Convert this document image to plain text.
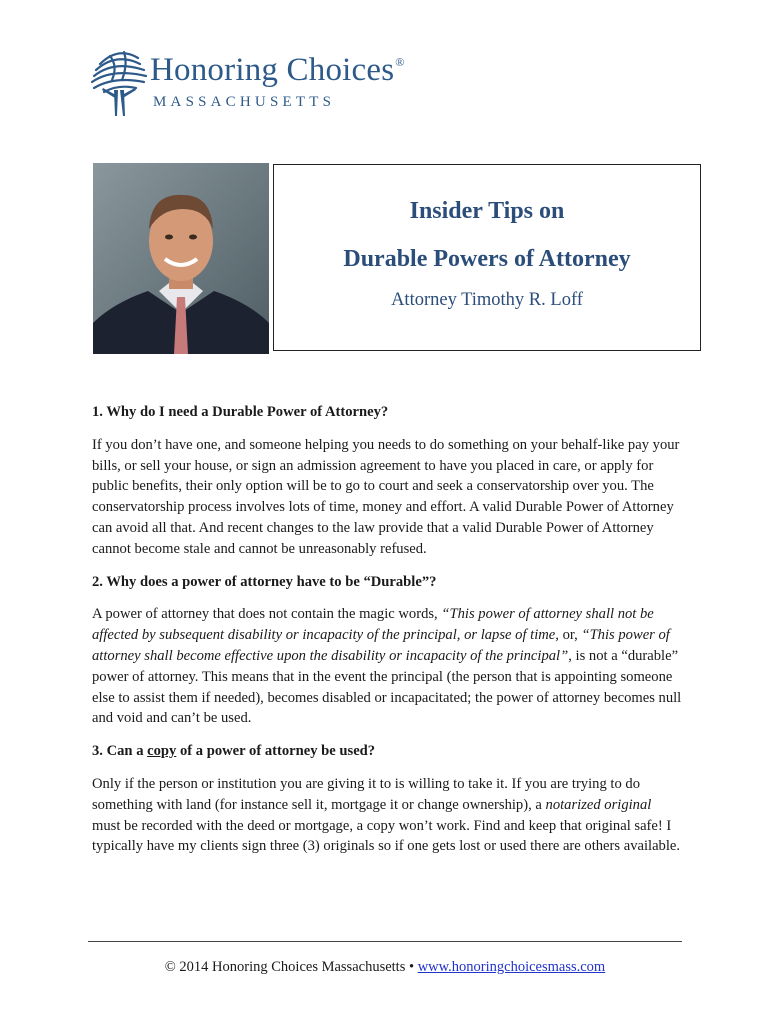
Honoring Choices®
MASSACHUSETTS
Insider Tips on
Durable Powers of Attorney
Attorney Timothy R. Loff

1. Why do I need a Durable Power of Attorney?

If you don’t have one, and someone helping you needs to do something on your behalf-like pay your bills, or sell your house, or sign an admission agreement to have you placed in care, or apply for public benefits, their only option will be to go to court and seek a conservatorship over you. The conservatorship process involves lots of time, money and effort. A valid Durable Power of Attorney can avoid all that. And recent changes to the law provide that a valid Durable Power of Attorney cannot become stale and cannot be unreasonably refused.

2. Why does a power of attorney have to be “Durable”?

A power of attorney that does not contain the magic words, “This power of attorney shall not be affected by subsequent disability or incapacity of the principal, or lapse of time, or, “This power of attorney shall become effective upon the disability or incapacity of the principal”, is not a “durable” power of attorney. This means that in the event the principal (the person that is appointing someone else to assist them if needed), becomes disabled or incapacitated; the power of attorney becomes null and void and can’t be used.

3. Can a copy of a power of attorney be used?

Only if the person or institution you are giving it to is willing to take it. If you are trying to do something with land (for instance sell it, mortgage it or change ownership), a notarized original must be recorded with the deed or mortgage, a copy won’t work. Find and keep that original safe! I typically have my clients sign three (3) originals so if one gets lost or used there are others available.

© 2014 Honoring Choices Massachusetts • www.honoringchoicesmass.com
